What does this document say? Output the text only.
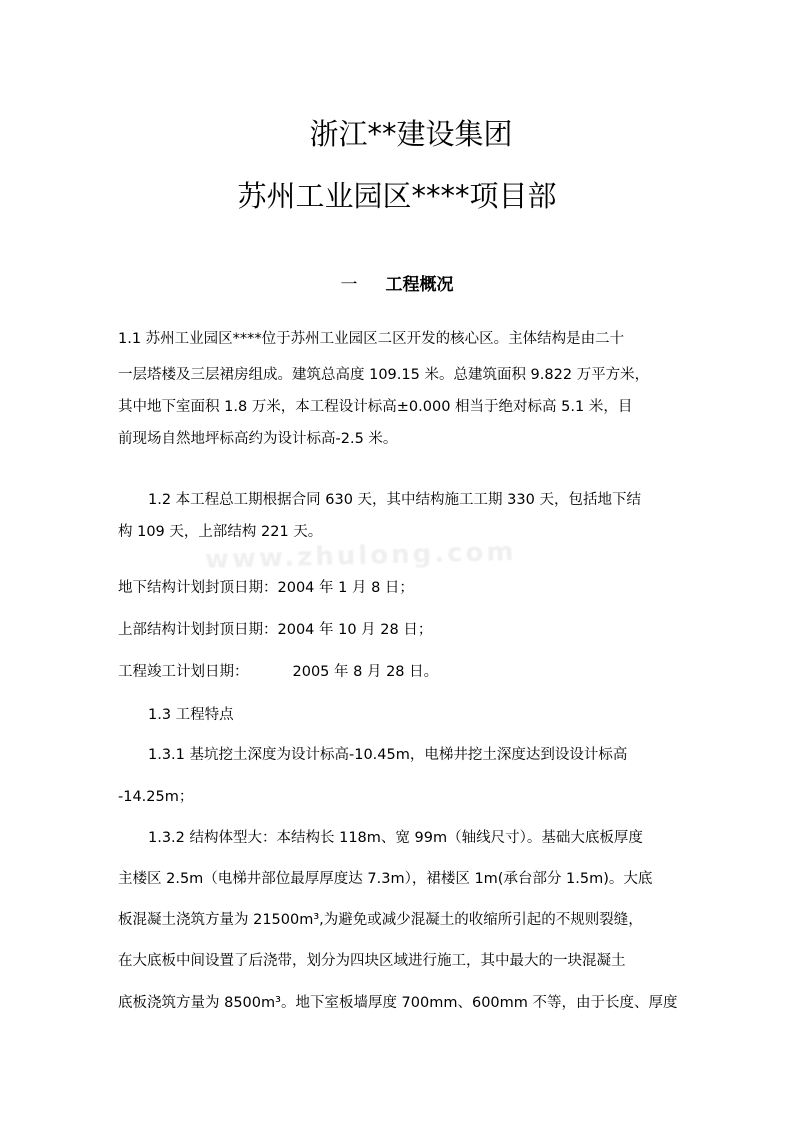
浙江**建设集团
苏州工业园区****项目部
一 工程概况
1.1 苏州工业园区****位于苏州工业园区二区开发的核心区。主体结构是由二十
一层塔楼及三层裙房组成。建筑总高度 109.15 米。总建筑面积 9.822 万平方米，
其中地下室面积 1.8 万米，本工程设计标高±0.000 相当于绝对标高 5.1 米，目
前现场自然地坪标高约为设计标高-2.5 米。
1.2 本工程总工期根据合同 630 天，其中结构施工工期 330 天，包括地下结
构 109 天，上部结构 221 天。
www.zhulong.com
地下结构计划封顶日期：2004 年 1 月 8 日；
上部结构计划封顶日期：2004 年 10 月 28 日；
工程竣工计划日期：	2005 年 8 月 28 日。
1.3 工程特点
1.3.1 基坑挖土深度为设计标高-10.45m，电梯井挖土深度达到设设计标高
-14.25m；
1.3.2 结构体型大：本结构长 118m、宽 99m（轴线尺寸）。基础大底板厚度
主楼区 2.5m（电梯井部位最厚厚度达 7.3m），裙楼区 1m(承台部分 1.5m)。大底
板混凝土浇筑方量为 21500m³,为避免或减少混凝土的收缩所引起的不规则裂缝，
在大底板中间设置了后浇带，划分为四块区域进行施工，其中最大的一块混凝土
底板浇筑方量为 8500m³。地下室板墙厚度 700mm、600mm 不等，由于长度、厚度
